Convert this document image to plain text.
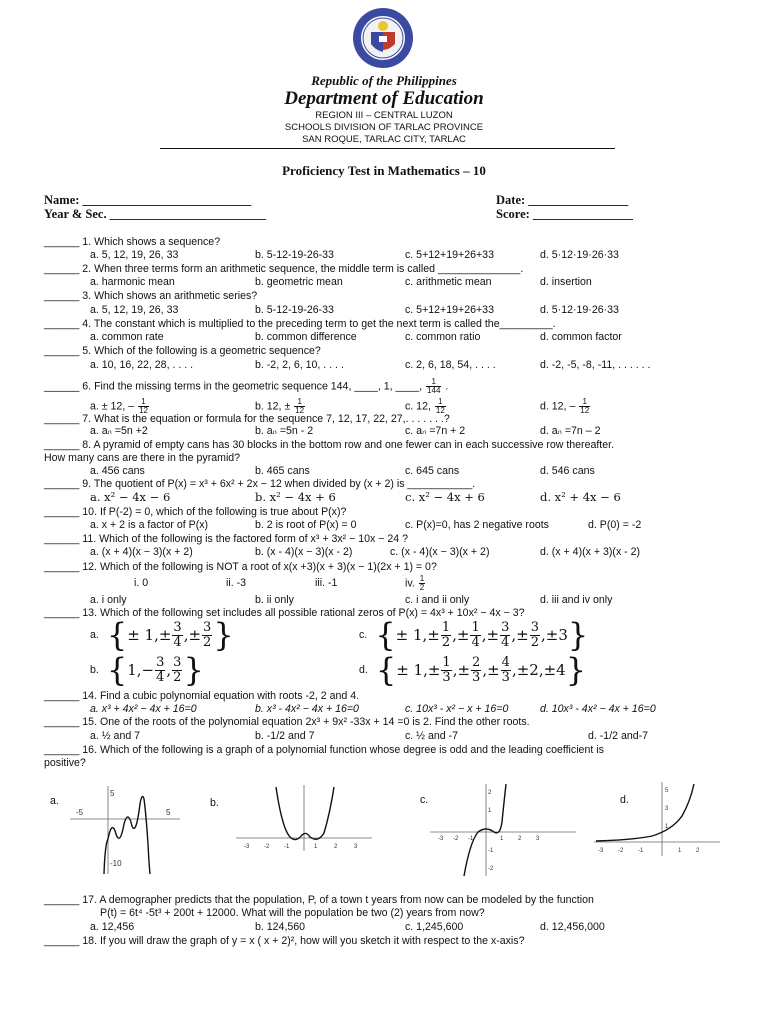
Republic of the Philippines
Department of Education
REGION III – CENTRAL LUZON
SCHOOLS DIVISION OF TARLAC PROVINCE
SAN ROQUE, TARLAC CITY, TARLAC
Proficiency Test in Mathematics – 10
Name: ___________________________
Year & Sec. _________________________
Date: ________________
Score: ________________
______ 1. Which shows a sequence?
a. 5, 12, 19, 26, 33	b. 5-12-19-26-33	c. 5+12+19+26+33	d. 5·12·19·26·33
______ 2. When three terms form an arithmetic sequence, the middle term is called ______________.
a. harmonic mean	b. geometric mean	c. arithmetic mean	d. insertion
______ 3. Which shows an arithmetic series?
a. 5, 12, 19, 26, 33	b. 5-12-19-26-33	c. 5+12+19+26+33	d. 5·12·19·26·33
______ 4. The constant which is multiplied to the preceding term to get the next term is called the_________.
a. common rate	b. common difference	c. common ratio	d. common factor
______ 5. Which of the following is a geometric sequence?
a. 10, 16, 22, 28, . . . .	b. -2, 2, 6, 10, . . . .	c. 2, 6, 18, 54, . . . .	d. -2, -5, -8, -11, . . . . . .
______ 6. Find the missing terms in the geometric sequence 144, ____, 1, ____, $\frac{1}{144}$ .
a. ± 12, – $\frac{1}{12}$	b. 12, ± $\frac{1}{12}$	c. 12, $\frac{1}{12}$	d. 12, – $\frac{1}{12}$
______ 7. What is the equation or formula for the sequence 7, 12, 17, 22, 27,. . . . . . .?
a. aₙ =5n +2	b. aₙ =5n - 2	c. aₙ =7n + 2	d. aₙ =7n – 2
______ 8. A pyramid of empty cans has 30 blocks in the bottom row and one fewer can in each successive row thereafter.
How many cans are there in the pyramid?
a. 456 cans	b. 465 cans	c. 645 cans	d. 546 cans
______ 9. The quotient of P(x) = x³ + 6x² + 2x − 12 when divided by (x + 2) is ___________.
a. x² − 4x − 6	b. x² − 4x + 6	c. x² − 4x + 6	d. x² + 4x − 6
______ 10. If P(-2) = 0, which of the following is true about P(x)?
a. x + 2 is a factor of P(x)	b. 2 is root of P(x) = 0	c. P(x)=0, has 2 negative roots	d. P(0) = -2
______ 11. Which of the following is the factored form of x³ + 3x² − 10x − 24 ?
a. (x + 4)(x − 3)(x + 2)	b. (x - 4)(x − 3)(x - 2)	c. (x - 4)(x − 3)(x + 2)	d. (x + 4)(x + 3)(x - 2)
______ 12. Which of the following is NOT a root of x(x +3)(x + 3)(x − 1)(2x + 1) = 0?
i. 0	ii. -3	iii. -1	iv. $\frac{1}{2}$
a. i only	b. ii only	c. i and ii only	d. iii and iv only
______ 13. Which of the following set includes all possible rational zeros of P(x) = 4x³ + 10x² − 4x − 3?
a. { ± 1,± 3
4 ,± 3
2 }	c. { ± 1,± 1
2 ,± 1
4 ,± 3
4 ,± 3
2 ,±3 }
b. { 1,− 3
4 , 3
2 }	d. { ± 1,± 1
3 ,± 2
3 ,± 4
3 ,±2,±4 }
______ 14. Find a cubic polynomial equation with roots -2, 2 and 4.
a. x³ + 4x² − 4x + 16=0	b. x³ - 4x² − 4x + 16=0	c. 10x³ - x² − x + 16=0	d. 10x³ - 4x² − 4x + 16=0
______ 15. One of the roots of the polynomial equation 2x³ + 9x² -33x + 14 =0 is 2. Find the other roots.
a. ½ and 7	b. -1/2 and 7	c. ½ and -7	d. -1/2 and-7
______ 16. Which of the following is a graph of a polynomial function whose degree is odd and the leading coefficient is
positive?
a.
-5
5
5
-10
b.
-3 -2 -1	1	2	3
c.
-3 -2 -1	1 2 3
2
1
-1
-2
d.
-3 -2 -1	1 2
5
3
1
______ 17. A demographer predicts that the population, P, of a town t years from now can be modeled by the function
P(t) = 6t⁴ -5t³ + 200t + 12000. What will the population be two (2) years from now?
a. 12,456	b. 124,560	c. 1,245,600	d. 12,456,000
______ 18. If you will draw the graph of y = x ( x + 2)², how will you sketch it with respect to the x-axis?
